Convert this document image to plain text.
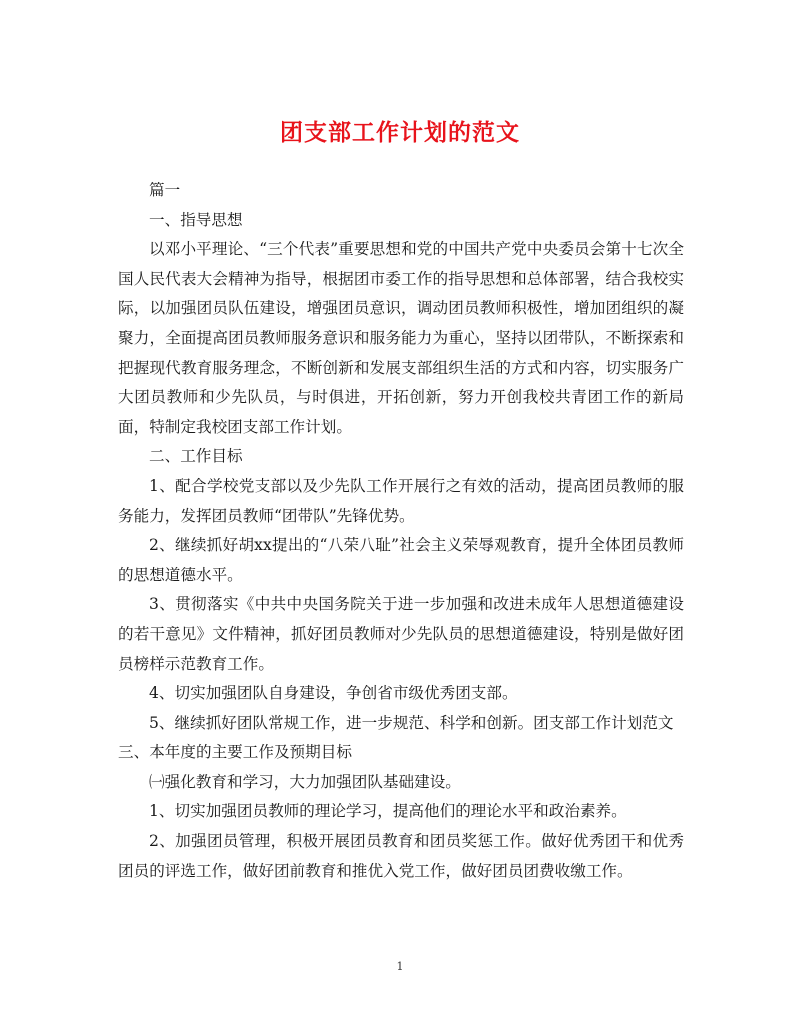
团支部工作计划的范文

篇一

一、指导思想

以邓小平理论、“三个代表”重要思想和党的中国共产党中央委员会第十七次全国人民代表大会精神为指导，根据团市委工作的指导思想和总体部署，结合我校实际，以加强团员队伍建设，增强团员意识，调动团员教师积极性，增加团组织的凝聚力，全面提高团员教师服务意识和服务能力为重心，坚持以团带队，不断探索和把握现代教育服务理念，不断创新和发展支部组织生活的方式和内容，切实服务广大团员教师和少先队员，与时俱进，开拓创新，努力开创我校共青团工作的新局面，特制定我校团支部工作计划。

二、工作目标

1、配合学校党支部以及少先队工作开展行之有效的活动，提高团员教师的服务能力，发挥团员教师“团带队”先锋优势。

2、继续抓好胡xx提出的“八荣八耻”社会主义荣辱观教育，提升全体团员教师的思想道德水平。

3、贯彻落实《中共中央国务院关于进一步加强和改进未成年人思想道德建设的若干意见》文件精神，抓好团员教师对少先队员的思想道德建设，特别是做好团员榜样示范教育工作。

4、切实加强团队自身建设，争创省市级优秀团支部。

5、继续抓好团队常规工作，进一步规范、科学和创新。团支部工作计划范文

三、本年度的主要工作及预期目标

㈠强化教育和学习，大力加强团队基础建设。

1、切实加强团员教师的理论学习，提高他们的理论水平和政治素养。

2、加强团员管理，积极开展团员教育和团员奖惩工作。做好优秀团干和优秀团员的评选工作，做好团前教育和推优入党工作，做好团员团费收缴工作。

1
